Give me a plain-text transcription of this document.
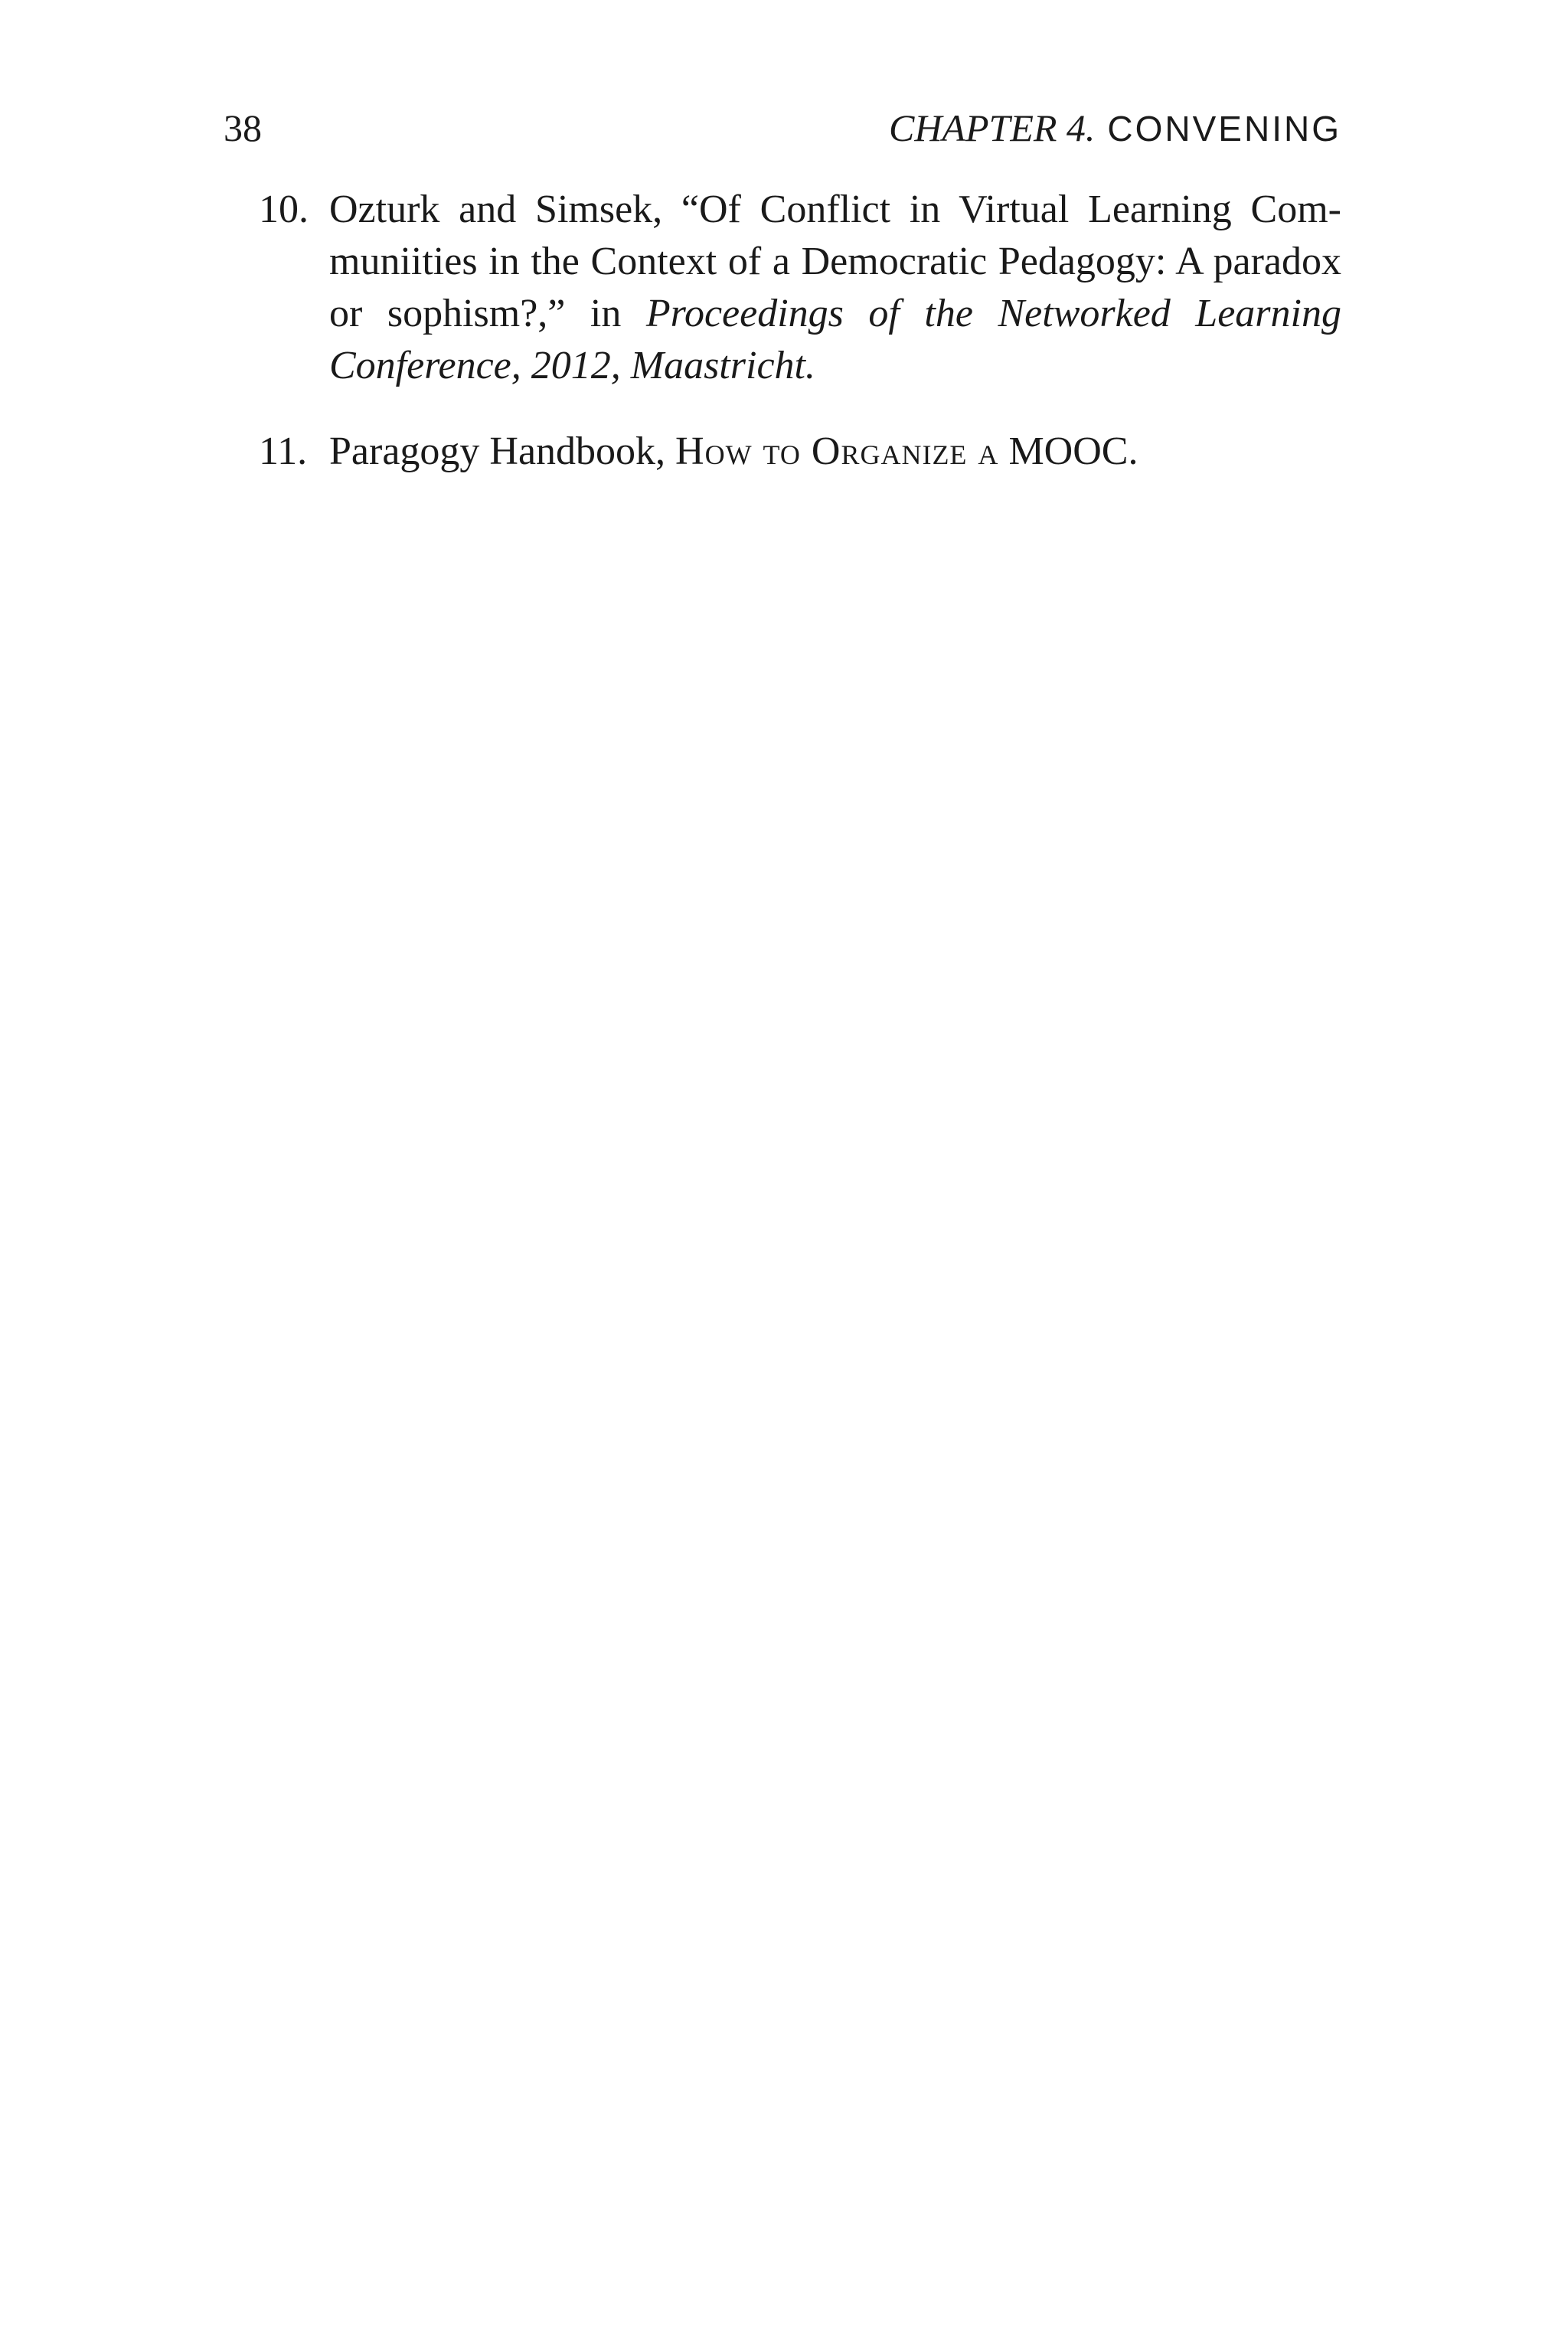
38	CHAPTER 4. CONVENING
10. Ozturk and Simsek, “Of Conflict in Virtual Learning Communiities in the Context of a Democratic Pedagogy: A paradox or sophism?,” in Proceedings of the Networked Learning Conference, 2012, Maastricht.
11. Paragogy Handbook, How to Organize a MOOC.
